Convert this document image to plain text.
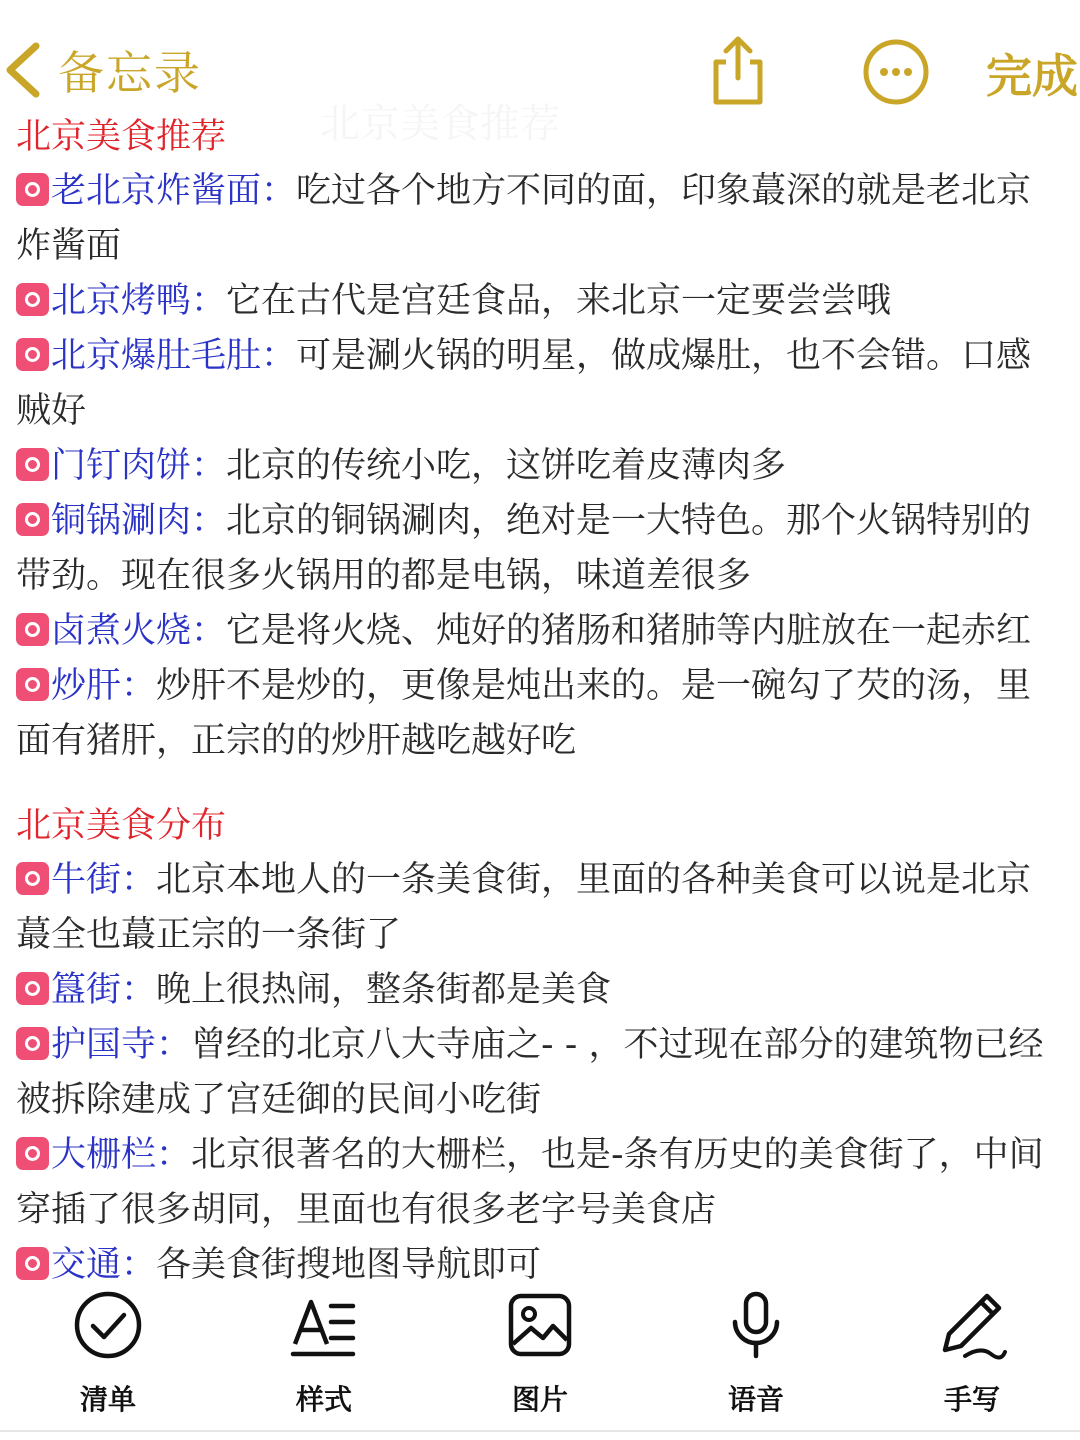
备忘录	完成
北京美食推荐
老北京炸酱面：吃过各个地方不同的面，印象蕞深的就是老北京炸酱面
北京烤鸭：它在古代是宫廷食品，来北京一定要尝尝哦
北京爆肚毛肚：可是涮火锅的明星，做成爆肚，也不会错。口感贼好
门钉肉饼：北京的传统小吃，这饼吃着皮薄肉多
铜锅涮肉：北京的铜锅涮肉，绝对是一大特色。那个火锅特别的带劲。现在很多火锅用的都是电锅，味道差很多
卤煮火烧：它是将火烧、炖好的猪肠和猪肺等内脏放在一起赤红
炒肝：炒肝不是炒的，更像是炖出来的。是一碗勾了芡的汤，里面有猪肝，正宗的的炒肝越吃越好吃
北京美食分布
牛街：北京本地人的一条美食街，里面的各种美食可以说是北京蕞全也蕞正宗的一条街了
簋街：晚上很热闹，整条街都是美食
护国寺：曾经的北京八大寺庙之- - ，不过现在部分的建筑物已经被拆除建成了宫廷御的民间小吃街
大栅栏：北京很著名的大栅栏，也是-条有历史的美食街了，中间穿插了很多胡同，里面也有很多老字号美食店
交通：各美食街搜地图导航即可
清单	样式	图片	语音	手写
